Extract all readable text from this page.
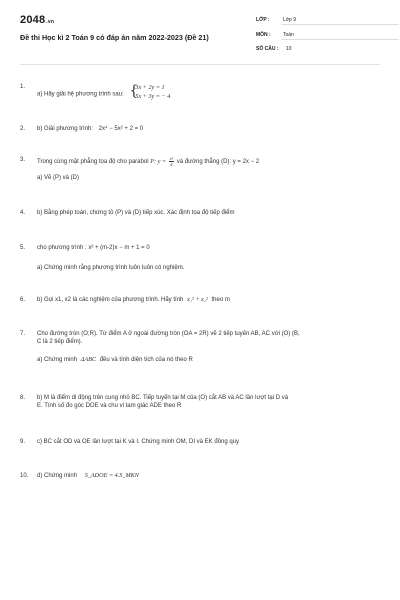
2048.vn
Đề thi Học kì 2 Toán 9 có đáp án năm 2022-2023 (Đề 21)
LỚP :	Lớp 9
MÔN :	Toán
SỐ CÂU :	10
1.
a) Hãy giải hệ phương trình sau: {
3x + 2y = 1
5x + 3y = − 4
2. b) Giải phương trình: 2x⁴ − 5x² + 2 = 0
3. Trong cùng mặt phẳng tọa độ cho parabol P: $y = \frac{\text{x²}}{4}$ và đường thẳng (D): y = 2x − 2
a) Vẽ (P) và (D)
4. b) Bằng phép toán, chứng tỏ (P) và (D) tiếp xúc. Xác định tọa độ tiếp điểm
5. cho phương trình : x² + (m-2)x − m + 1 = 0
a) Chứng minh rằng phương trình luôn luôn có nghiệm.
6. b) Gọi x1, x2 là các nghiệm của phương trình. Hãy tính x₁² + x₂² theo m
7. Cho đường tròn (O;R). Từ điểm A ở ngoài đường tròn (OA = 2R) vẽ 2 tiếp tuyến AB, AC với (O) (B,
C là 2 tiếp điểm).
a) Chứng minh ΔABC đều và tính diện tích của nó theo R
8. b) M là điểm di động trên cung nhỏ BC. Tiếp tuyến tại M của (O) cắt AB và AC lần lượt tại D và
E. Tính số đo góc DOE và chu vi tam giác ADE theo R
9. c) BC cắt OD và OE lần lượt tại K và I. Chứng minh OM, DI và EK đồng quy
10. d) Chứng minh S_ADOE = 4.S_MKN
